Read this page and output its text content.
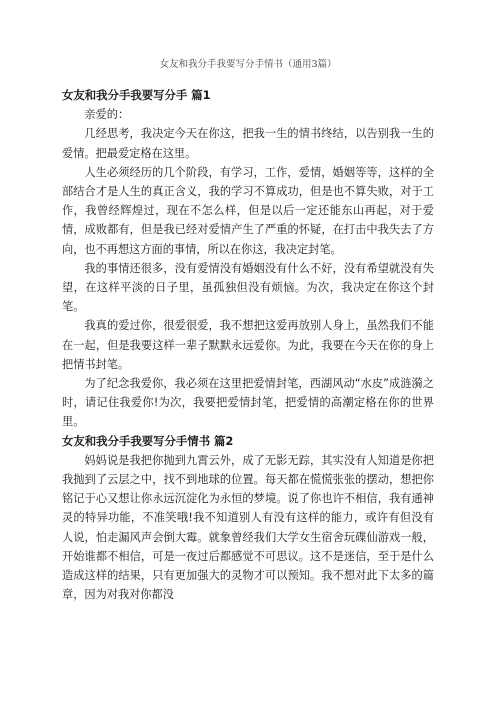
女友和我分手我要写分手情书（通用3篇）

女友和我分手我要写分手 篇1

亲爱的：

几经思考，我决定今天在你这，把我一生的情书终结，以告别我一生的爱情。把最爱定格在这里。

人生必须经历的几个阶段，有学习，工作，爱情，婚姻等等，这样的全部结合才是人生的真正含义，我的学习不算成功，但是也不算失败，对于工作，我曾经辉煌过，现在不怎么样，但是以后一定还能东山再起，对于爱情，成败都有，但是我已经对爱情产生了严重的怀疑，在打击中我失去了方向，也不再想这方面的事情，所以在你这，我决定封笔。

我的事情还很多，没有爱情没有婚姻没有什么不好，没有希望就没有失望，在这样平淡的日子里，虽孤独但没有烦恼。为次，我决定在你这个封笔。

我真的爱过你，很爱很爱，我不想把这爱再放别人身上，虽然我们不能在一起，但是我要这样一辈子默默永远爱你。为此，我要在今天在你的身上把情书封笔。

为了纪念我爱你，我必须在这里把爱情封笔，西湖风动“水皮”成涟漪之时，请记住我爱你!为次，我要把爱情封笔，把爱情的高潮定格在你的世界里。

女友和我分手我要写分手情书 篇2

妈妈说是我把你抛到九霄云外，成了无影无踪，其实没有人知道是你把我抛到了云层之中，找不到地球的位置。每天都在慌慌张张的摆动，想把你铭记于心又想让你永远沉淀化为永恒的梦境。说了你也许不相信，我有通神灵的特异功能，不准笑哦!我不知道别人有没有这样的能力，或许有但没有人说，怕走漏风声会倒大霉。就象曾经我们大学女生宿舍玩碟仙游戏一般，开始谁都不相信，可是一夜过后都感觉不可思议。这不是迷信，至于是什么造成这样的结果，只有更加强大的灵物才可以预知。我不想对此下太多的篇章，因为对我对你都没
